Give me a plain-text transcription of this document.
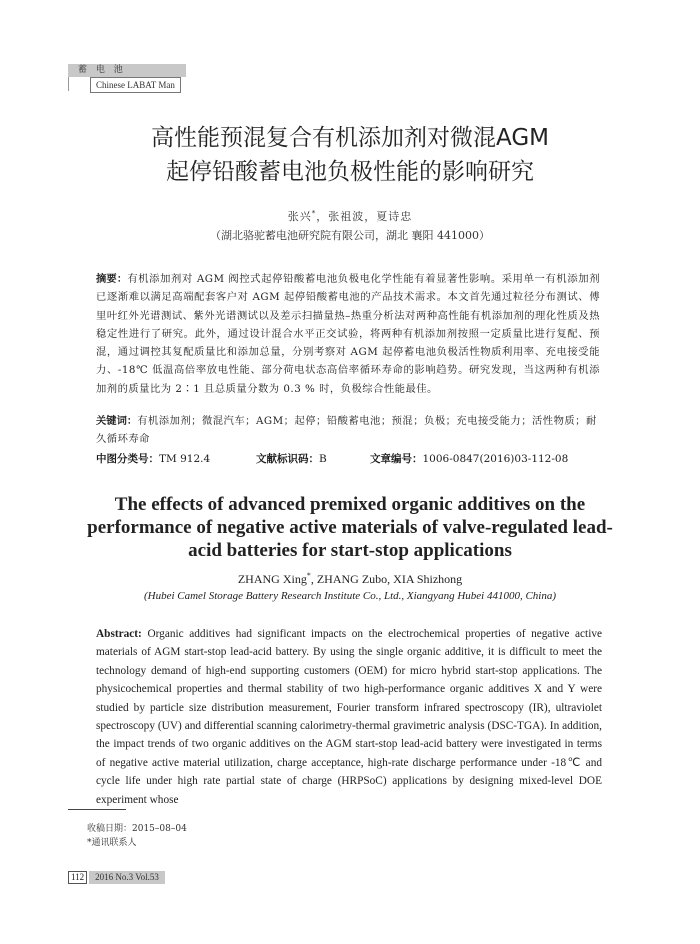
蓄 电 池
Chinese LABAT Man
高性能预混复合有机添加剂对微混AGM
起停铅酸蓄电池负极性能的影响研究
张兴*，张祖波，夏诗忠
（湖北骆驼蓄电池研究院有限公司，湖北 襄阳 441000）
摘要：有机添加剂对 AGM 阀控式起停铅酸蓄电池负极电化学性能有着显著性影响。采用单一有机添加剂已逐渐难以满足高端配套客户对 AGM 起停铅酸蓄电池的产品技术需求。本文首先通过粒径分布测试、傅里叶红外光谱测试、紫外光谱测试以及差示扫描量热–热重分析法对两种高性能有机添加剂的理化性质及热稳定性进行了研究。此外，通过设计混合水平正交试验，将两种有机添加剂按照一定质量比进行复配、预混，通过调控其复配质量比和添加总量，分别考察对 AGM 起停蓄电池负极活性物质利用率、充电接受能力、-18℃ 低温高倍率放电性能、部分荷电状态高倍率循环寿命的影响趋势。研究发现，当这两种有机添加剂的质量比为 2∶1 且总质量分数为 0.3 % 时，负极综合性能最佳。
关键词：有机添加剂；微混汽车；AGM；起停；铅酸蓄电池；预混；负极；充电接受能力；活性物质；耐久循环寿命
中图分类号：TM 912.4	文献标识码：B	文章编号：1006-0847(2016)03-112-08
The effects of advanced premixed organic additives on the performance of negative active materials of valve-regulated lead-acid batteries for start-stop applications
ZHANG Xing*, ZHANG Zubo, XIA Shizhong
(Hubei Camel Storage Battery Research Institute Co., Ltd., Xiangyang Hubei 441000, China)
Abstract: Organic additives had significant impacts on the electrochemical properties of negative active materials of AGM start-stop lead-acid battery. By using the single organic additive, it is difficult to meet the technology demand of high-end supporting customers (OEM) for micro hybrid start-stop applications. The physicochemical properties and thermal stability of two high-performance organic additives X and Y were studied by particle size distribution measurement, Fourier transform infrared spectroscopy (IR), ultraviolet spectroscopy (UV) and differential scanning calorimetry-thermal gravimetric analysis (DSC-TGA). In addition, the impact trends of two organic additives on the AGM start-stop lead-acid battery were investigated in terms of negative active material utilization, charge acceptance, high-rate discharge performance under -18℃ and cycle life under high rate partial state of charge (HRPSoC) applications by designing mixed-level DOE experiment whose
收稿日期：2015–08–04
*通讯联系人
112	2016 No.3 Vol.53
